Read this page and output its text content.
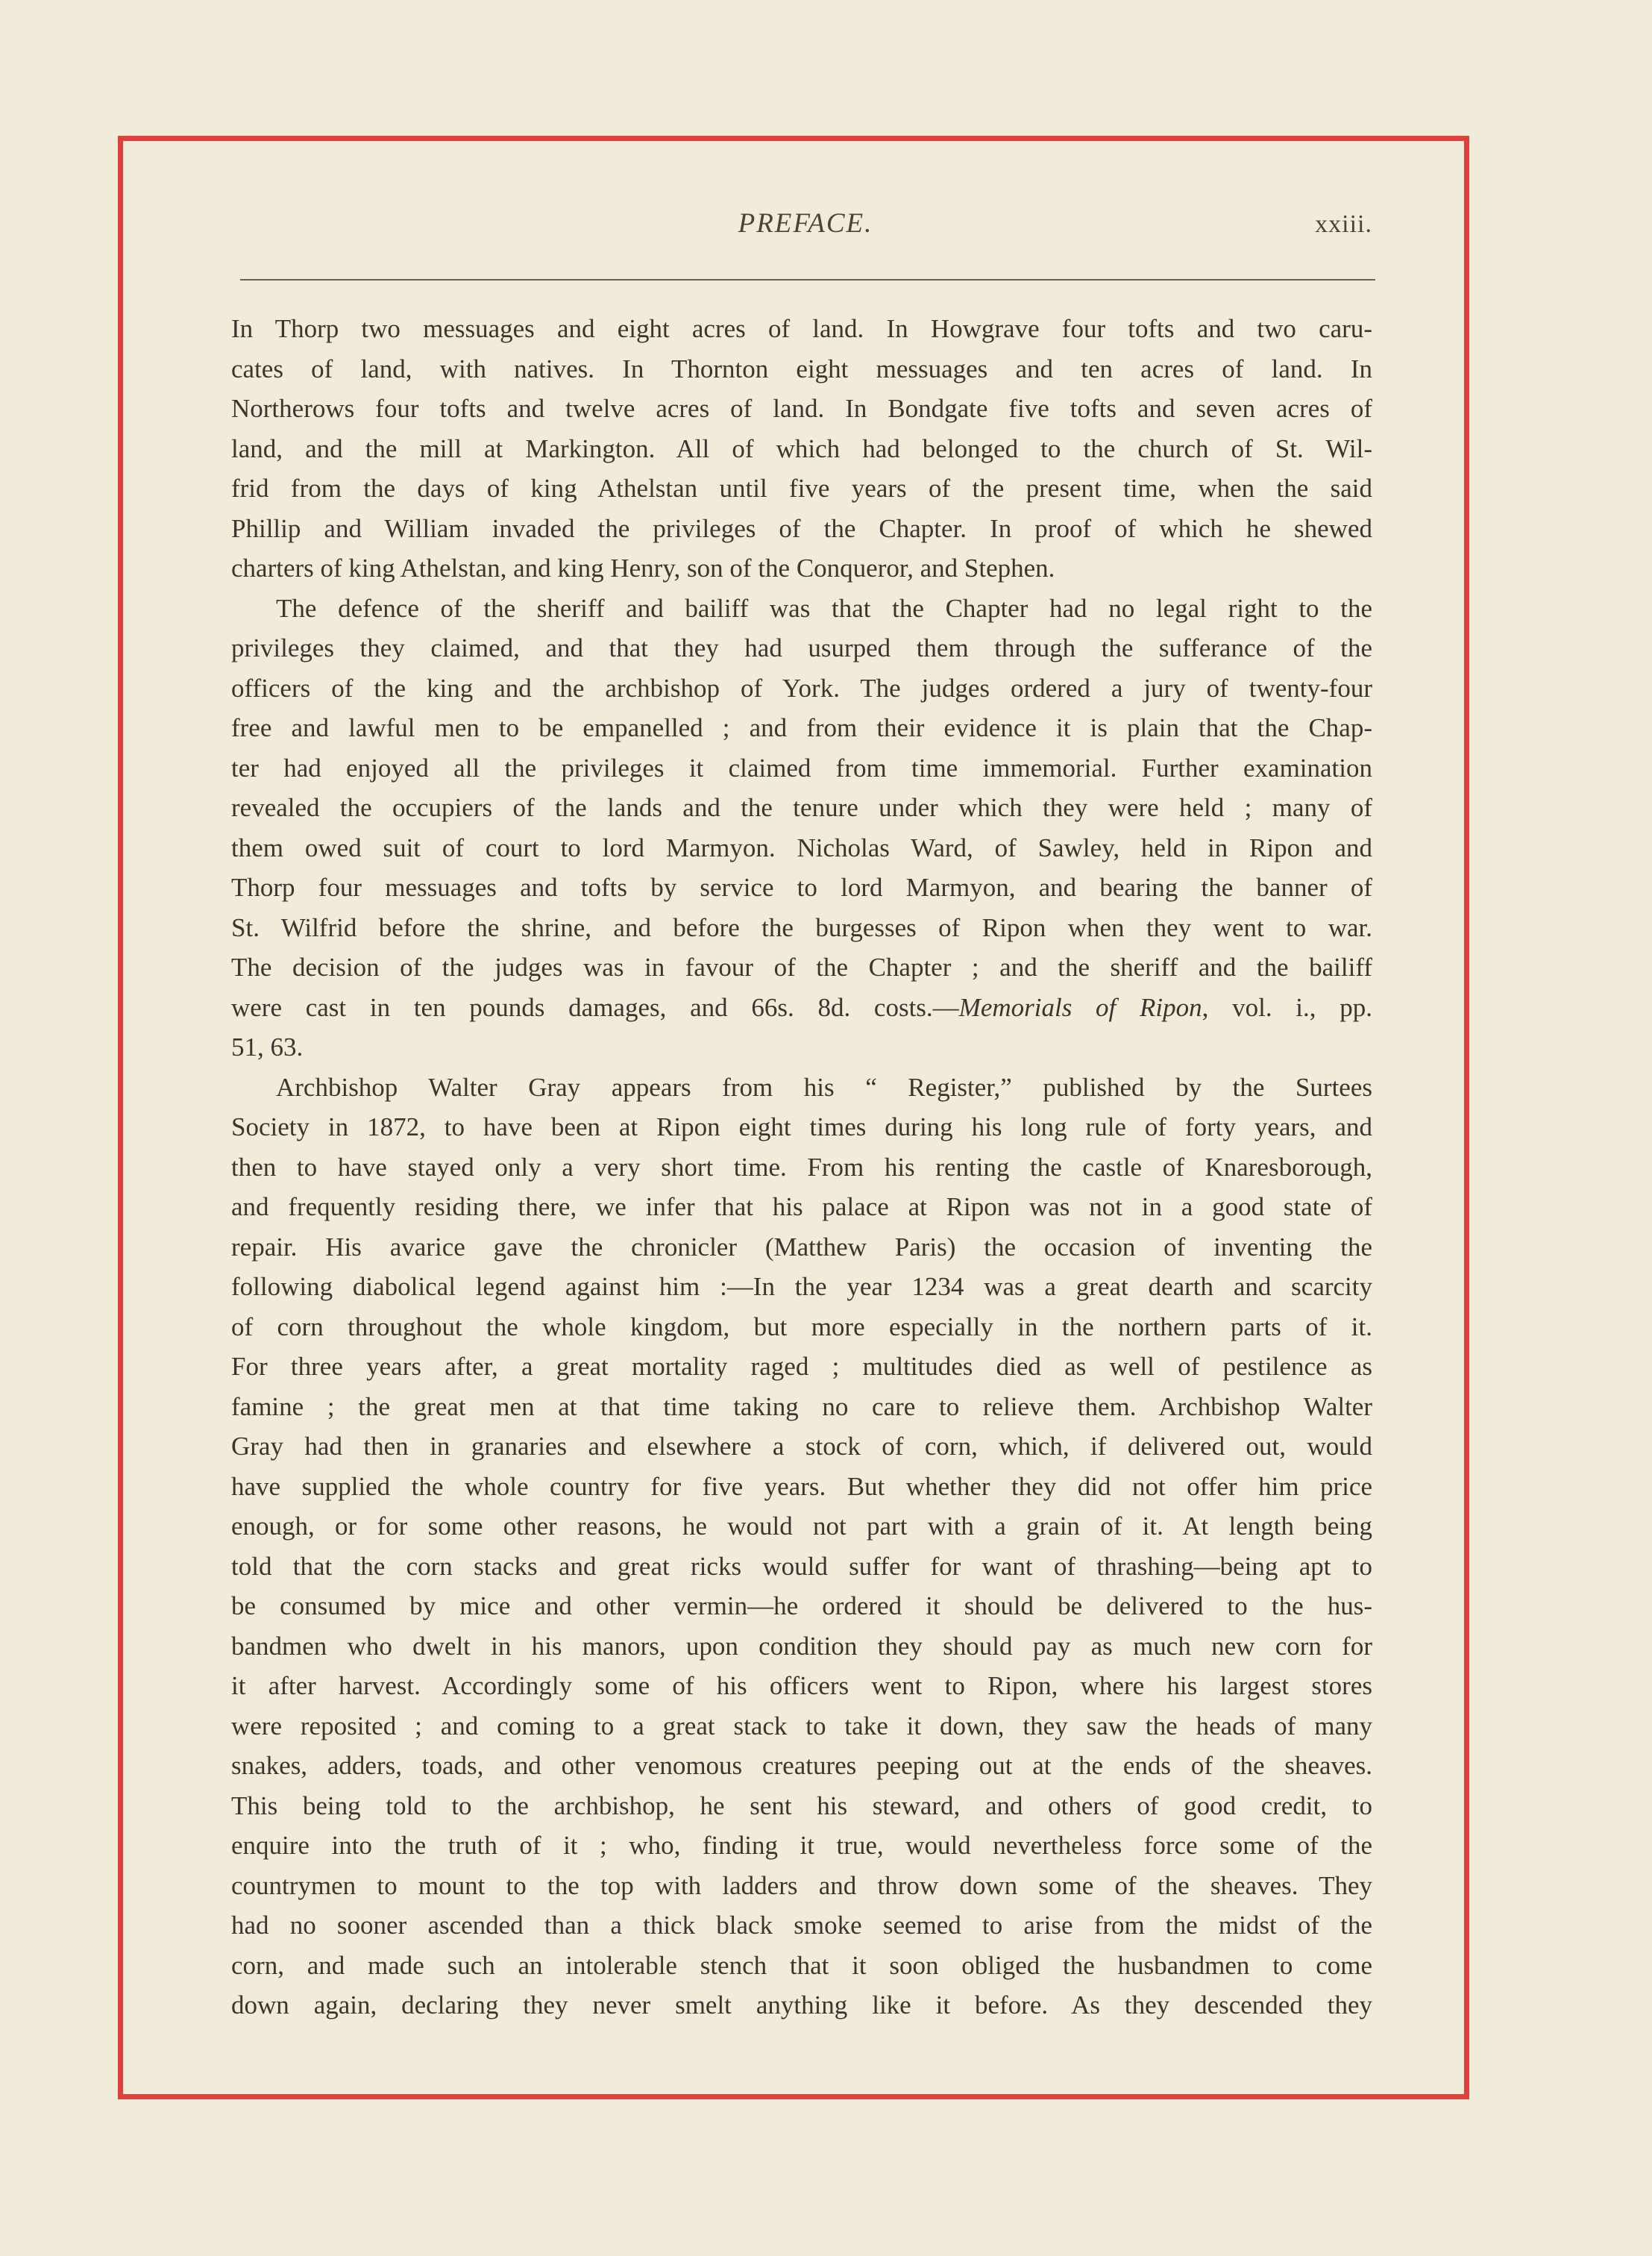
PREFACE.	xxiii.
In Thorp two messuages and eight acres of land. In Howgrave four tofts and two caru-
cates of land, with natives. In Thornton eight messuages and ten acres of land. In
Northerows four tofts and twelve acres of land. In Bondgate five tofts and seven acres of
land, and the mill at Markington. All of which had belonged to the church of St. Wil-
frid from the days of king Athelstan until five years of the present time, when the said
Phillip and William invaded the privileges of the Chapter. In proof of which he shewed
charters of king Athelstan, and king Henry, son of the Conqueror, and Stephen.
The defence of the sheriff and bailiff was that the Chapter had no legal right to the
privileges they claimed, and that they had usurped them through the sufferance of the
officers of the king and the archbishop of York. The judges ordered a jury of twenty-four
free and lawful men to be empanelled ; and from their evidence it is plain that the Chap-
ter had enjoyed all the privileges it claimed from time immemorial. Further examination
revealed the occupiers of the lands and the tenure under which they were held ; many of
them owed suit of court to lord Marmyon. Nicholas Ward, of Sawley, held in Ripon and
Thorp four messuages and tofts by service to lord Marmyon, and bearing the banner of
St. Wilfrid before the shrine, and before the burgesses of Ripon when they went to war.
The decision of the judges was in favour of the Chapter ; and the sheriff and the bailiff
were cast in ten pounds damages, and 66s. 8d. costs.—Memorials of Ripon, vol. i., pp.
51, 63.
Archbishop Walter Gray appears from his “ Register,” published by the Surtees
Society in 1872, to have been at Ripon eight times during his long rule of forty years, and
then to have stayed only a very short time. From his renting the castle of Knaresborough,
and frequently residing there, we infer that his palace at Ripon was not in a good state of
repair. His avarice gave the chronicler (Matthew Paris) the occasion of inventing the
following diabolical legend against him :—In the year 1234 was a great dearth and scarcity
of corn throughout the whole kingdom, but more especially in the northern parts of it.
For three years after, a great mortality raged ; multitudes died as well of pestilence as
famine ; the great men at that time taking no care to relieve them. Archbishop Walter
Gray had then in granaries and elsewhere a stock of corn, which, if delivered out, would
have supplied the whole country for five years. But whether they did not offer him price
enough, or for some other reasons, he would not part with a grain of it. At length being
told that the corn stacks and great ricks would suffer for want of thrashing—being apt to
be consumed by mice and other vermin—he ordered it should be delivered to the hus-
bandmen who dwelt in his manors, upon condition they should pay as much new corn for
it after harvest. Accordingly some of his officers went to Ripon, where his largest stores
were reposited ; and coming to a great stack to take it down, they saw the heads of many
snakes, adders, toads, and other venomous creatures peeping out at the ends of the sheaves.
This being told to the archbishop, he sent his steward, and others of good credit, to
enquire into the truth of it ; who, finding it true, would nevertheless force some of the
countrymen to mount to the top with ladders and throw down some of the sheaves. They
had no sooner ascended than a thick black smoke seemed to arise from the midst of the
corn, and made such an intolerable stench that it soon obliged the husbandmen to come
down again, declaring they never smelt anything like it before. As they descended they
